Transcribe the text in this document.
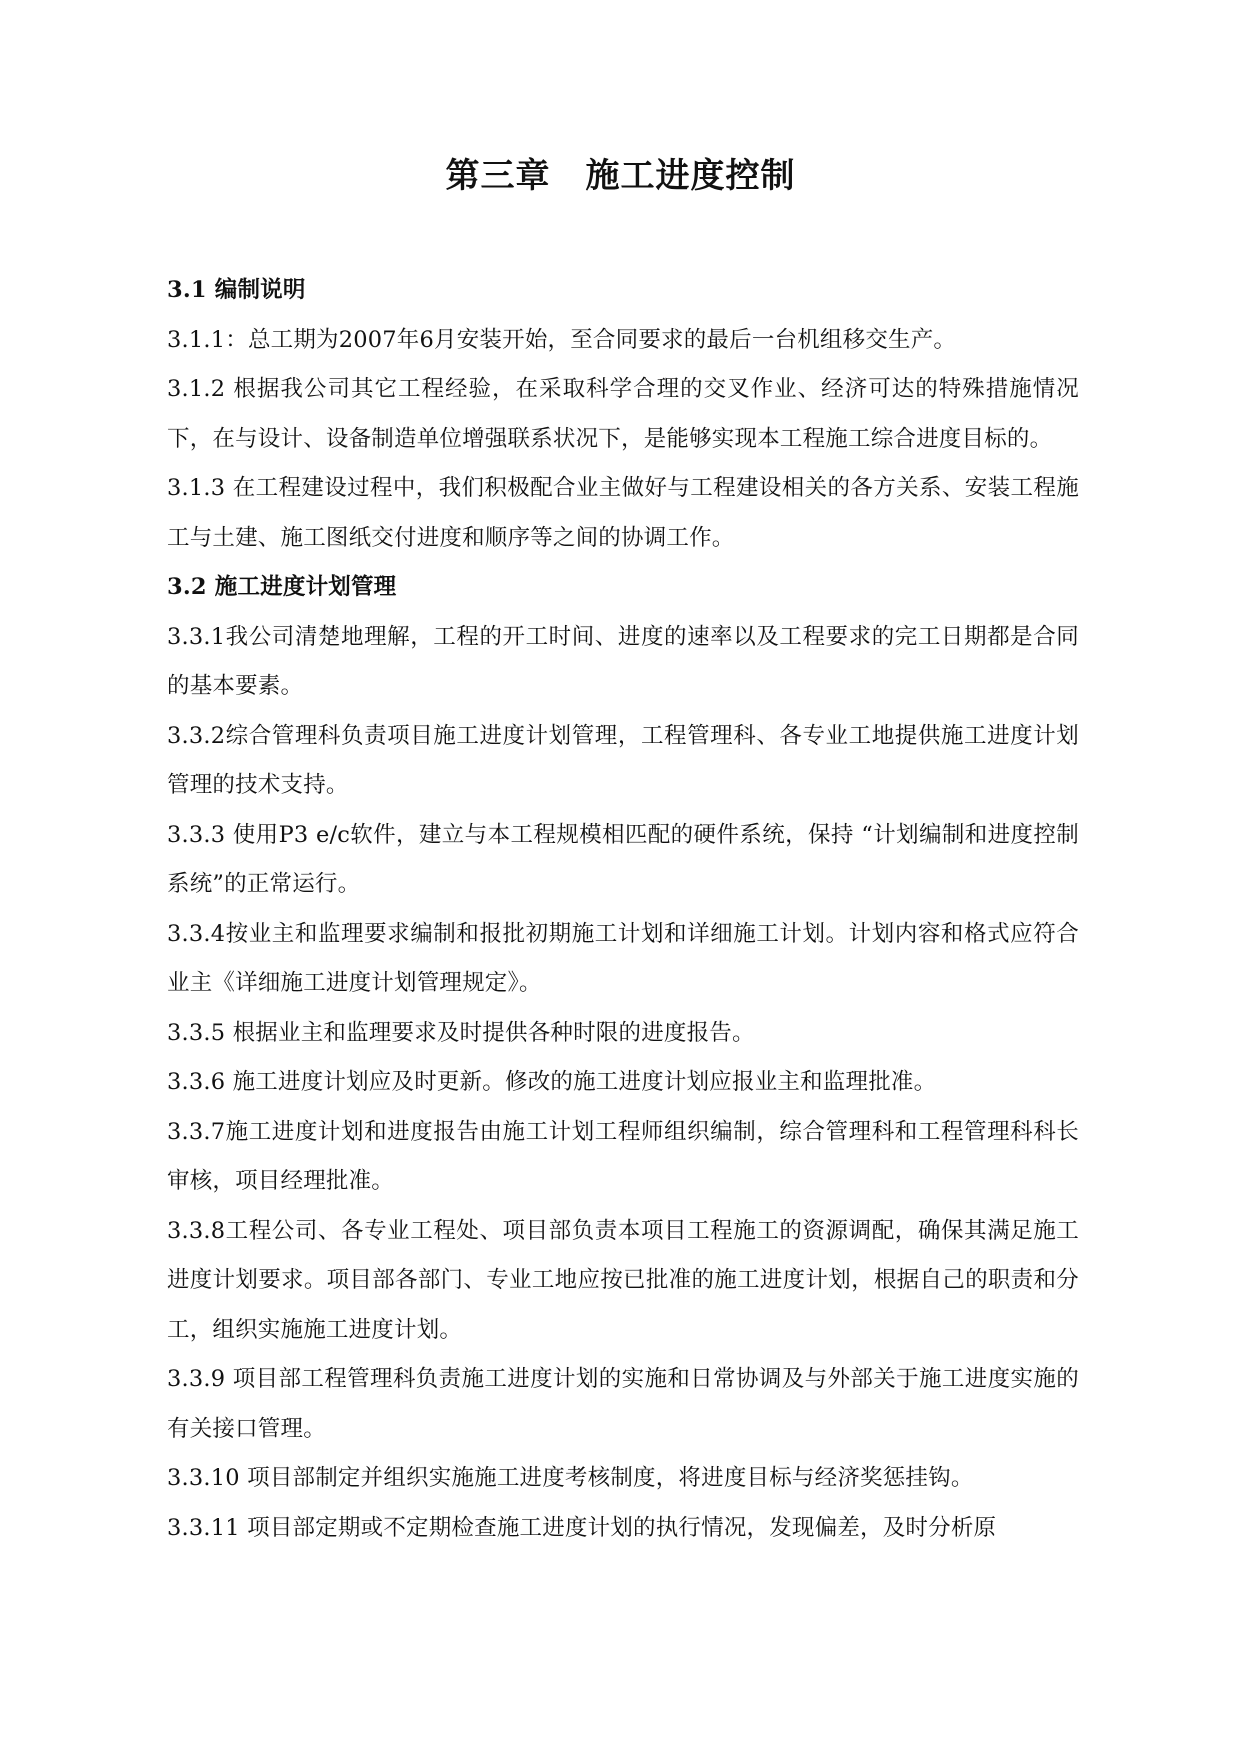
第三章　施工进度控制

3.1 编制说明

3.1.1：总工期为2007年6月安装开始，至合同要求的最后一台机组移交生产。

3.1.2 根据我公司其它工程经验，在采取科学合理的交叉作业、经济可达的特殊措施情况下，在与设计、设备制造单位增强联系状况下，是能够实现本工程施工综合进度目标的。

3.1.3 在工程建设过程中，我们积极配合业主做好与工程建设相关的各方关系、安装工程施工与土建、施工图纸交付进度和顺序等之间的协调工作。

3.2 施工进度计划管理

3.3.1我公司清楚地理解，工程的开工时间、进度的速率以及工程要求的完工日期都是合同的基本要素。

3.3.2综合管理科负责项目施工进度计划管理，工程管理科、各专业工地提供施工进度计划管理的技术支持。

3.3.3 使用P3 e/c软件，建立与本工程规模相匹配的硬件系统，保持 “计划编制和进度控制系统”的正常运行。

3.3.4按业主和监理要求编制和报批初期施工计划和详细施工计划。计划内容和格式应符合业主《详细施工进度计划管理规定》。

3.3.5 根据业主和监理要求及时提供各种时限的进度报告。

3.3.6 施工进度计划应及时更新。修改的施工进度计划应报业主和监理批准。

3.3.7施工进度计划和进度报告由施工计划工程师组织编制，综合管理科和工程管理科科长审核，项目经理批准。

3.3.8工程公司、各专业工程处、项目部负责本项目工程施工的资源调配，确保其满足施工进度计划要求。项目部各部门、专业工地应按已批准的施工进度计划，根据自己的职责和分工，组织实施施工进度计划。

3.3.9 项目部工程管理科负责施工进度计划的实施和日常协调及与外部关于施工进度实施的有关接口管理。

3.3.10 项目部制定并组织实施施工进度考核制度，将进度目标与经济奖惩挂钩。

3.3.11 项目部定期或不定期检查施工进度计划的执行情况，发现偏差，及时分析原
